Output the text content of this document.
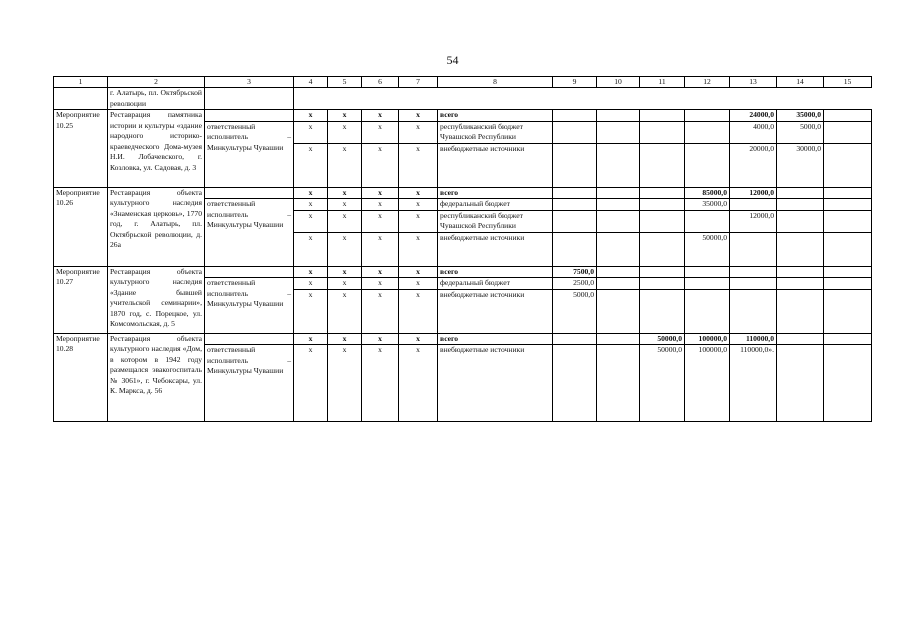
54
1	2	3	4	5	6	7	8	9	10	11	12	13	14	15
	г. Алатырь, пл. Октябрьской революции													
Мероприятие 10.25	Реставрация памятника истории и культуры «здание народного историко-краеведческого Дома-музея Н.И. Лобачевского, г. Козловка, ул. Садовая, д. 3		x	x	x	x	всего					24000,0	35000,0	
		ответственный исполнитель – Минкультуры Чувашии	x	x	x	x	республиканский бюджет Чувашской Республики					4000,0	5000,0	
			x	x	x	x	внебюджетные источники					20000,0	30000,0	
Мероприятие 10.26	Реставрация объекта культурного наследия «Знаменская церковь», 1770 год, г. Алатырь, пл. Октябрьской революции, д. 26а		x	x	x	x	всего				85000,0	12000,0		
		ответственный исполнитель – Минкультуры Чувашии	x	x	x	x	федеральный бюджет				35000,0			
			x	x	x	x	республиканский бюджет Чувашской Республики					12000,0		
			x	x	x	x	внебюджетные источники				50000,0			
Мероприятие 10.27	Реставрация объекта культурного наследия «Здание бывшей учительской семинарии», 1870 год, с. Порецкое, ул. Комсомольская, д. 5		x	x	x	x	всего	7500,0						
		ответственный исполнитель – Минкультуры Чувашии	x	x	x	x	федеральный бюджет	2500,0						
			x	x	x	x	внебюджетные источники	5000,0						
Мероприятие 10.28	Реставрация объекта культурного наследия «Дом, в котором в 1942 году размещался эвакогоспиталь № 3061», г. Чебоксары, ул. К. Маркса, д. 56		x	x	x	x	всего			50000,0	100000,0	110000,0		
		ответственный исполнитель – Минкультуры Чувашии	x	x	x	x	внебюджетные источники			50000,0	100000,0	110000,0».		
